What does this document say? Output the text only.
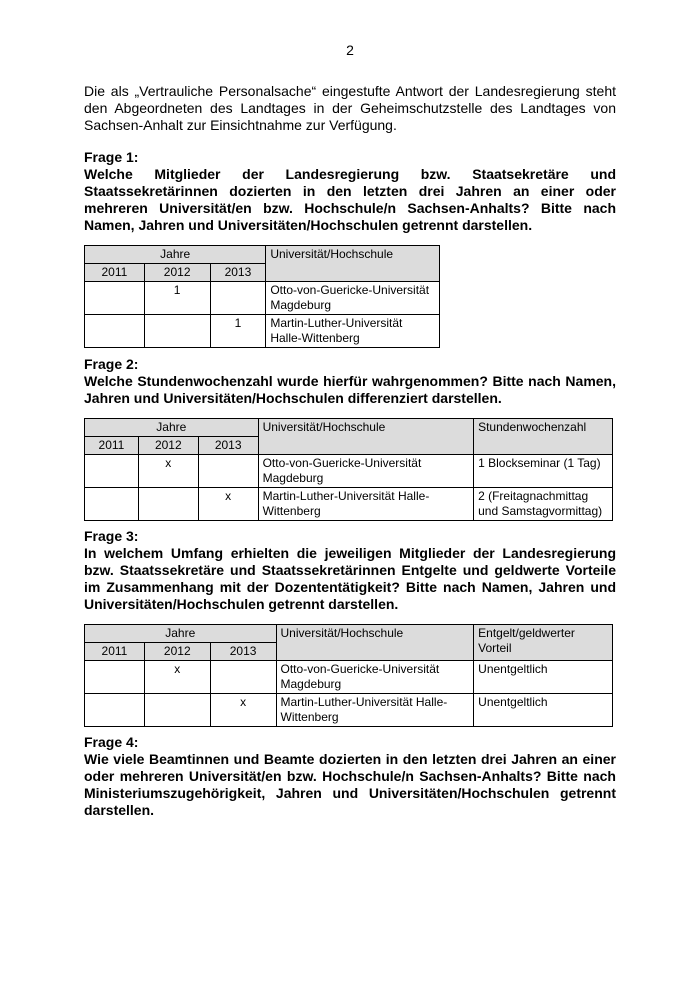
2

Die als „Vertrauliche Personalsache“ eingestufte Antwort der Landesregierung steht den Abgeordneten des Landtages in der Geheimschutzstelle des Landtages von Sachsen-Anhalt zur Einsichtnahme zur Verfügung.

Frage 1:
Welche Mitglieder der Landesregierung bzw. Staatsekretäre und Staatssekretärinnen dozierten in den letzten drei Jahren an einer oder mehreren Universität/en bzw. Hochschule/n Sachsen-Anhalts? Bitte nach Namen, Jahren und Universitäten/Hochschulen getrennt darstellen.
Jahre			Universität/Hochschule
2011	2012	2013	
	1		Otto-von-Guericke-Universität Magdeburg
		1	Martin-Luther-Universität Halle-Wittenberg
Frage 2:
Welche Stundenwochenzahl wurde hierfür wahrgenommen? Bitte nach Namen, Jahren und Universitäten/Hochschulen differenziert darstellen.
Jahre			Universität/Hochschule	Stundenwochenzahl
2011	2012	2013		
	x		Otto-von-Guericke-Universität Magdeburg	1 Blockseminar (1 Tag)
		x	Martin-Luther-Universität Halle-Wittenberg	2 (Freitagnachmittag und Samstagvormittag)
Frage 3:
In welchem Umfang erhielten die jeweiligen Mitglieder der Landesregierung bzw. Staatssekretäre und Staatssekretärinnen Entgelte und geldwerte Vorteile im Zusammenhang mit der Dozententätigkeit? Bitte nach Namen, Jahren und Universitäten/Hochschulen getrennt darstellen.
Jahre			Universität/Hochschule	Entgelt/geldwerter Vorteil
2011	2012	2013		
	x		Otto-von-Guericke-Universität Magdeburg	Unentgeltlich
		x	Martin-Luther-Universität Halle-Wittenberg	Unentgeltlich
Frage 4:
Wie viele Beamtinnen und Beamte dozierten in den letzten drei Jahren an einer oder mehreren Universität/en bzw. Hochschule/n Sachsen-Anhalts? Bitte nach Ministeriumszugehörigkeit, Jahren und Universitäten/Hochschulen getrennt darstellen.
